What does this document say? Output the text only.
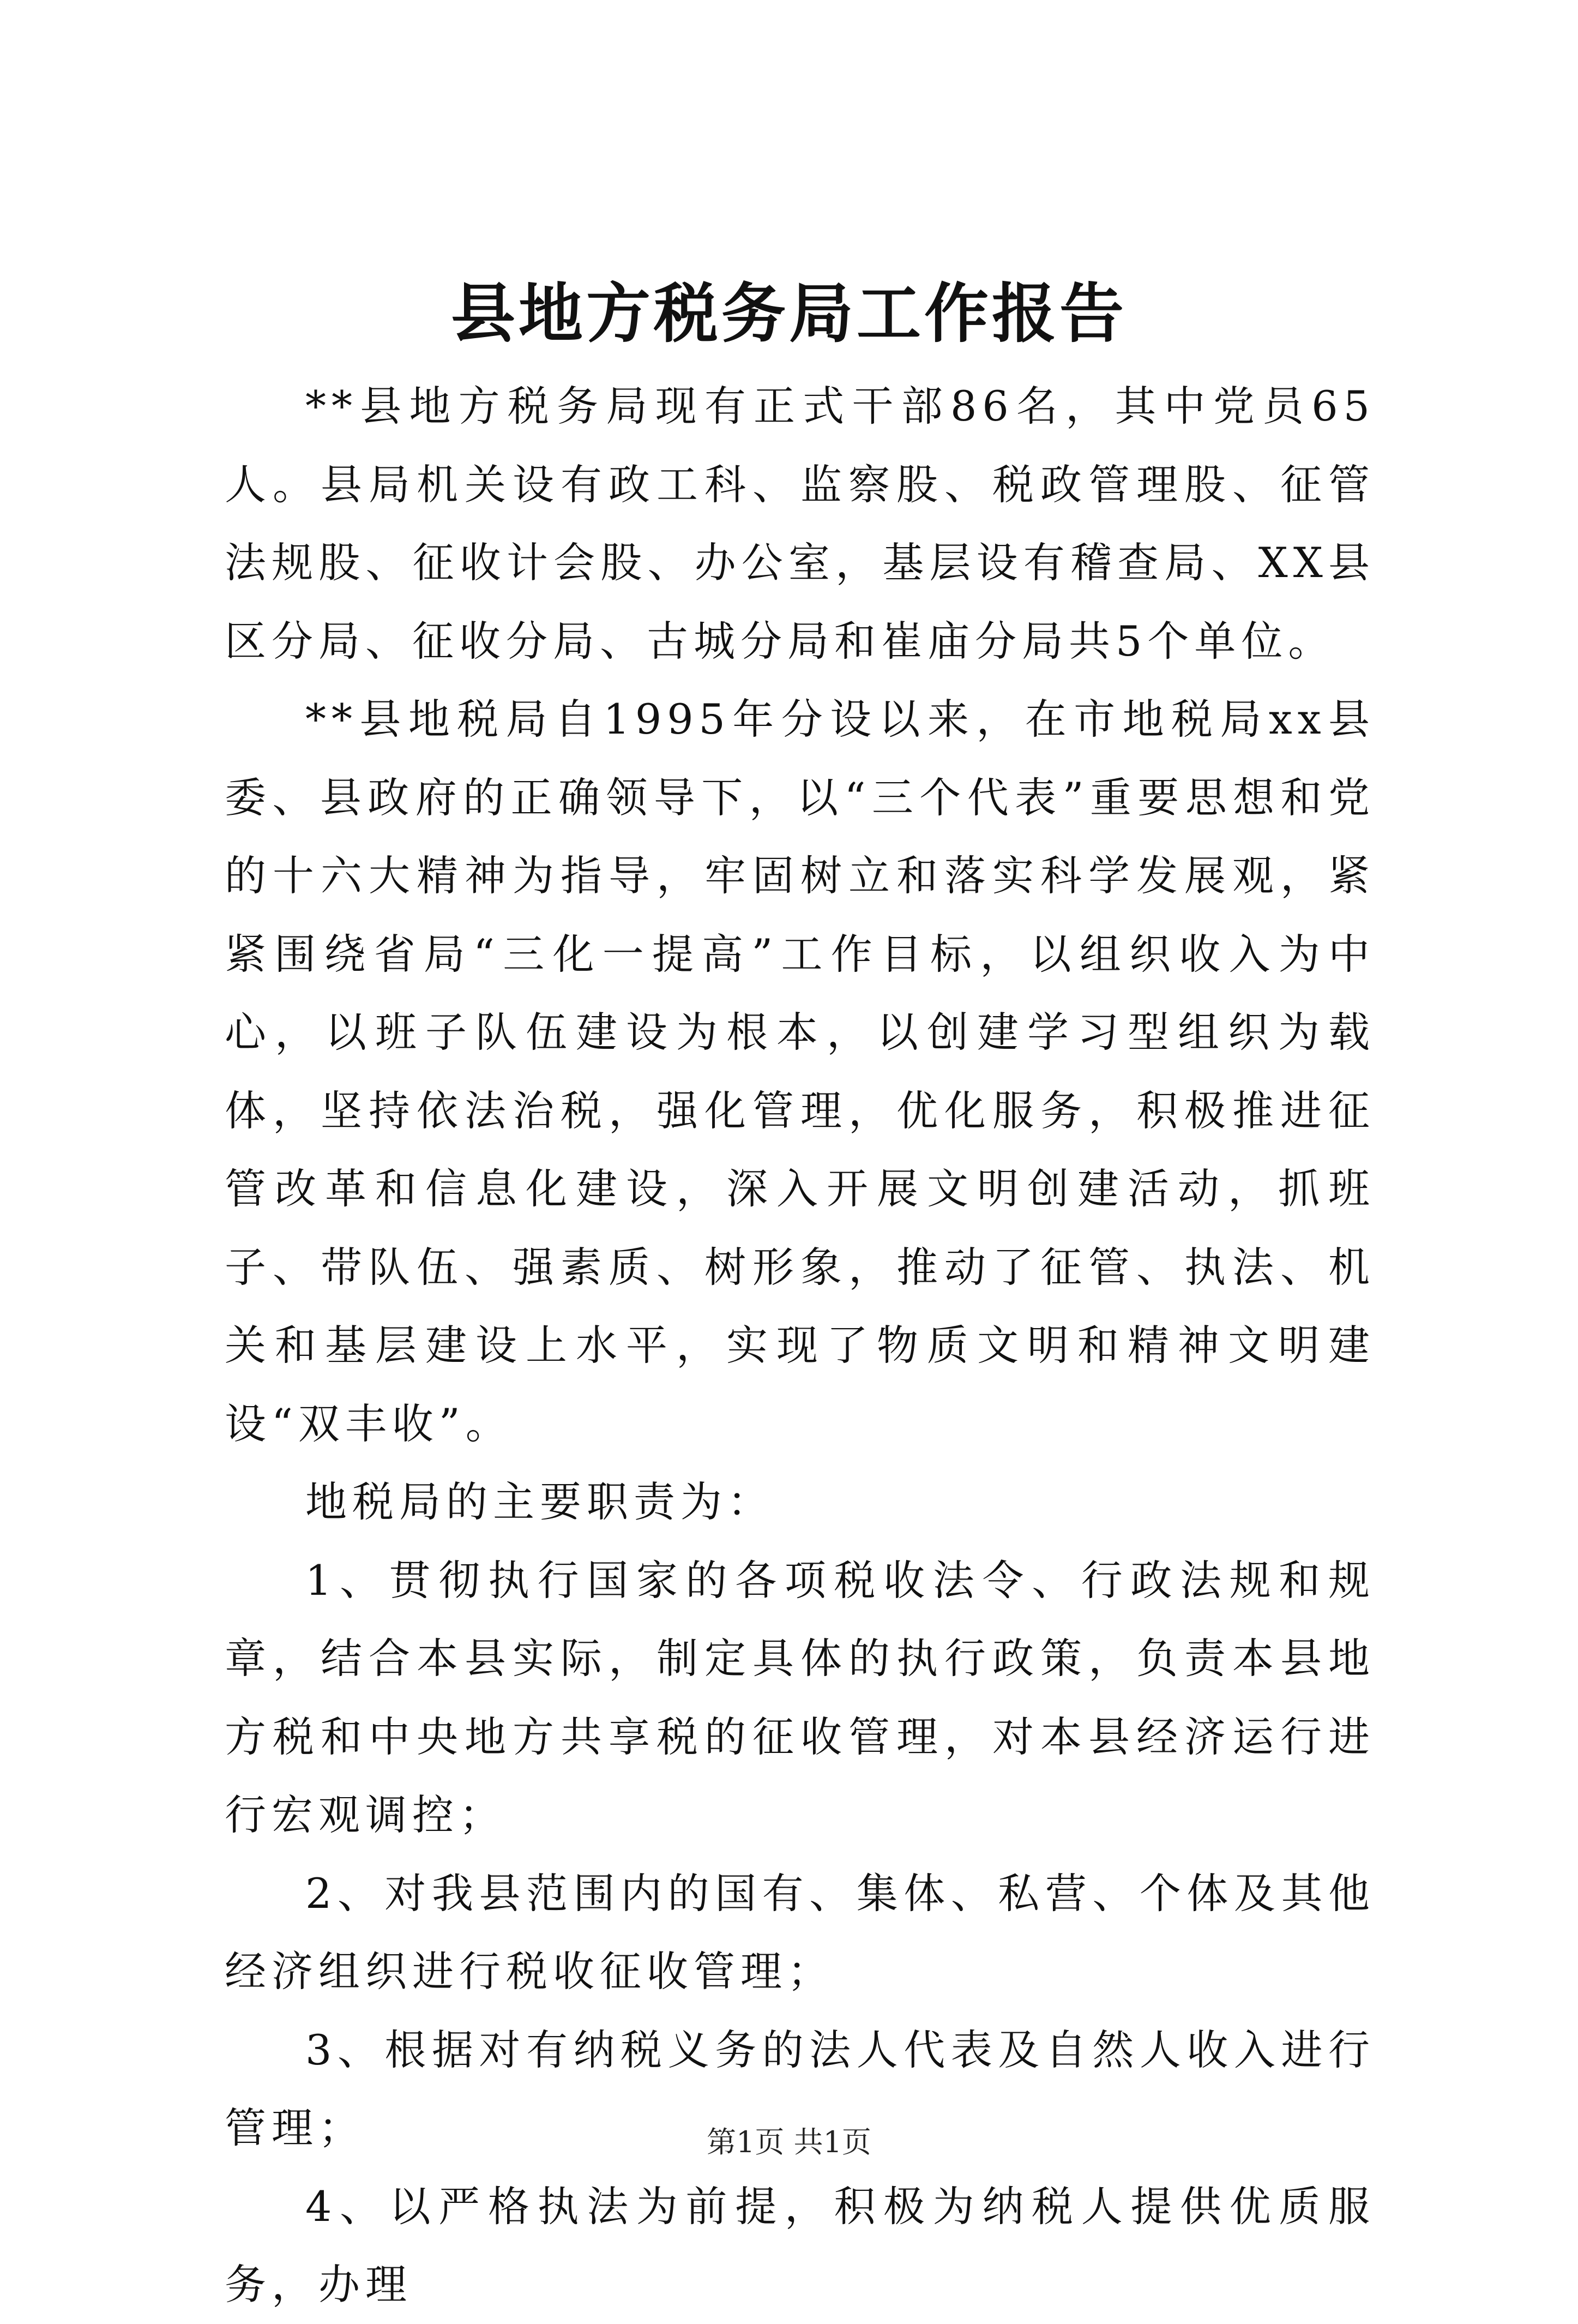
县地方税务局工作报告

**县地方税务局现有正式干部86名，其中党员65人。县局机关设有政工科、监察股、税政管理股、征管法规股、征收计会股、办公室，基层设有稽查局、XX县区分局、征收分局、古城分局和崔庙分局共5个单位。

**县地税局自1995年分设以来，在市地税局xx县委、县政府的正确领导下，以“三个代表”重要思想和党的十六大精神为指导，牢固树立和落实科学发展观，紧紧围绕省局“三化一提高”工作目标，以组织收入为中心，以班子队伍建设为根本，以创建学习型组织为载体，坚持依法治税，强化管理，优化服务，积极推进征管改革和信息化建设，深入开展文明创建活动，抓班子、带队伍、强素质、树形象，推动了征管、执法、机关和基层建设上水平，实现了物质文明和精神文明建设“双丰收”。

地税局的主要职责为：

1、贯彻执行国家的各项税收法令、行政法规和规章，结合本县实际，制定具体的执行政策，负责本县地方税和中央地方共享税的征收管理，对本县经济运行进行宏观调控；

2、对我县范围内的国有、集体、私营、个体及其他经济组织进行税收征收管理；

3、根据对有纳税义务的法人代表及自然人收入进行管理；

4、以严格执法为前提，积极为纳税人提供优质服务，办理

第1页 共1页
